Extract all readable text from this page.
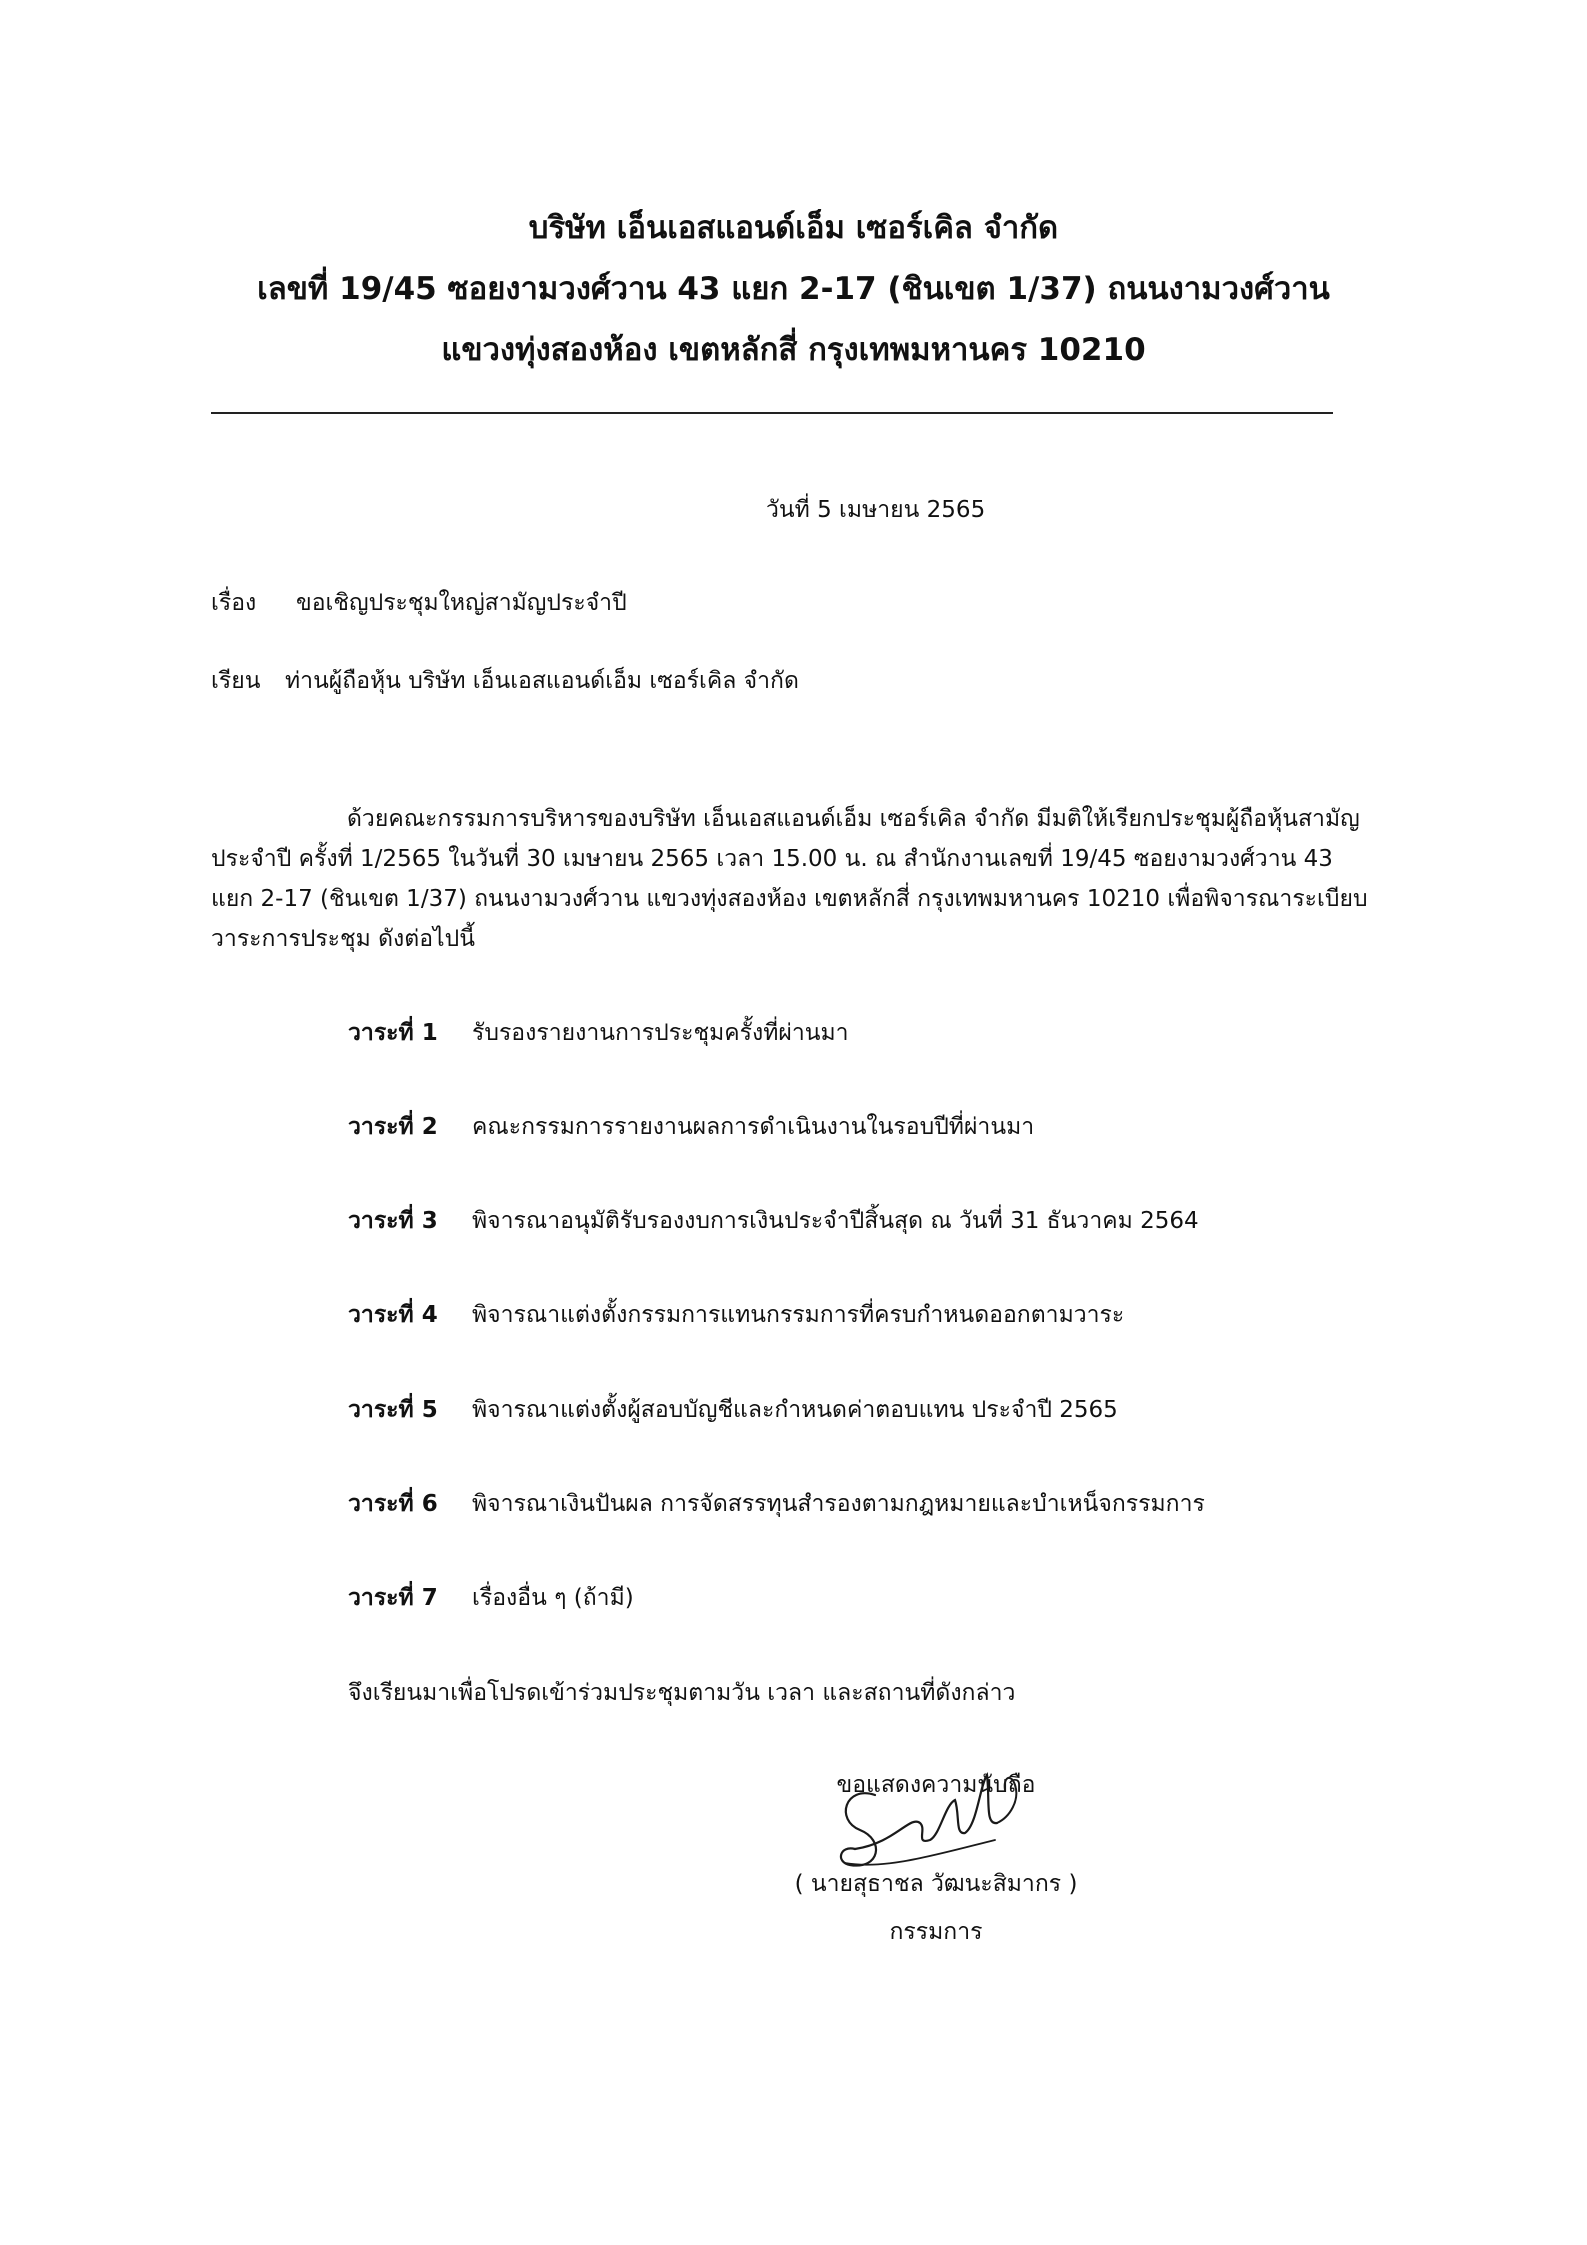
บริษัท เอ็นเอสแอนด์เอ็ม เซอร์เคิล จำกัด
เลขที่ 19/45 ซอยงามวงศ์วาน 43 แยก 2-17 (ชินเขต 1/37) ถนนงามวงศ์วาน
แขวงทุ่งสองห้อง เขตหลักสี่ กรุงเทพมหานคร 10210
วันที่ 5 เมษายน 2565
เรื่อง ขอเชิญประชุมใหญ่สามัญประจำปี
เรียน ท่านผู้ถือหุ้น บริษัท เอ็นเอสแอนด์เอ็ม เซอร์เคิล จำกัด
ด้วยคณะกรรมการบริหารของบริษัท เอ็นเอสแอนด์เอ็ม เซอร์เคิล จำกัด มีมติให้เรียกประชุมผู้ถือหุ้นสามัญ
ประจำปี ครั้งที่ 1/2565 ในวันที่ 30 เมษายน 2565 เวลา 15.00 น. ณ สำนักงานเลขที่ 19/45 ซอยงามวงศ์วาน 43
แยก 2-17 (ชินเขต 1/37) ถนนงามวงศ์วาน แขวงทุ่งสองห้อง เขตหลักสี่ กรุงเทพมหานคร 10210 เพื่อพิจารณาระเบียบ
วาระการประชุม ดังต่อไปนี้
วาระที่ 1 รับรองรายงานการประชุมครั้งที่ผ่านมา
วาระที่ 2 คณะกรรมการรายงานผลการดำเนินงานในรอบปีที่ผ่านมา
วาระที่ 3 พิจารณาอนุมัติรับรองงบการเงินประจำปีสิ้นสุด ณ วันที่ 31 ธันวาคม 2564
วาระที่ 4 พิจารณาแต่งตั้งกรรมการแทนกรรมการที่ครบกำหนดออกตามวาระ
วาระที่ 5 พิจารณาแต่งตั้งผู้สอบบัญชีและกำหนดค่าตอบแทน ประจำปี 2565
วาระที่ 6 พิจารณาเงินปันผล การจัดสรรทุนสำรองตามกฎหมายและบำเหน็จกรรมการ
วาระที่ 7 เรื่องอื่น ๆ (ถ้ามี)
จึงเรียนมาเพื่อโปรดเข้าร่วมประชุมตามวัน เวลา และสถานที่ดังกล่าว
ขอแสดงความนับถือ
( นายสุธาชล วัฒนะสิมากร )
กรรมการ
